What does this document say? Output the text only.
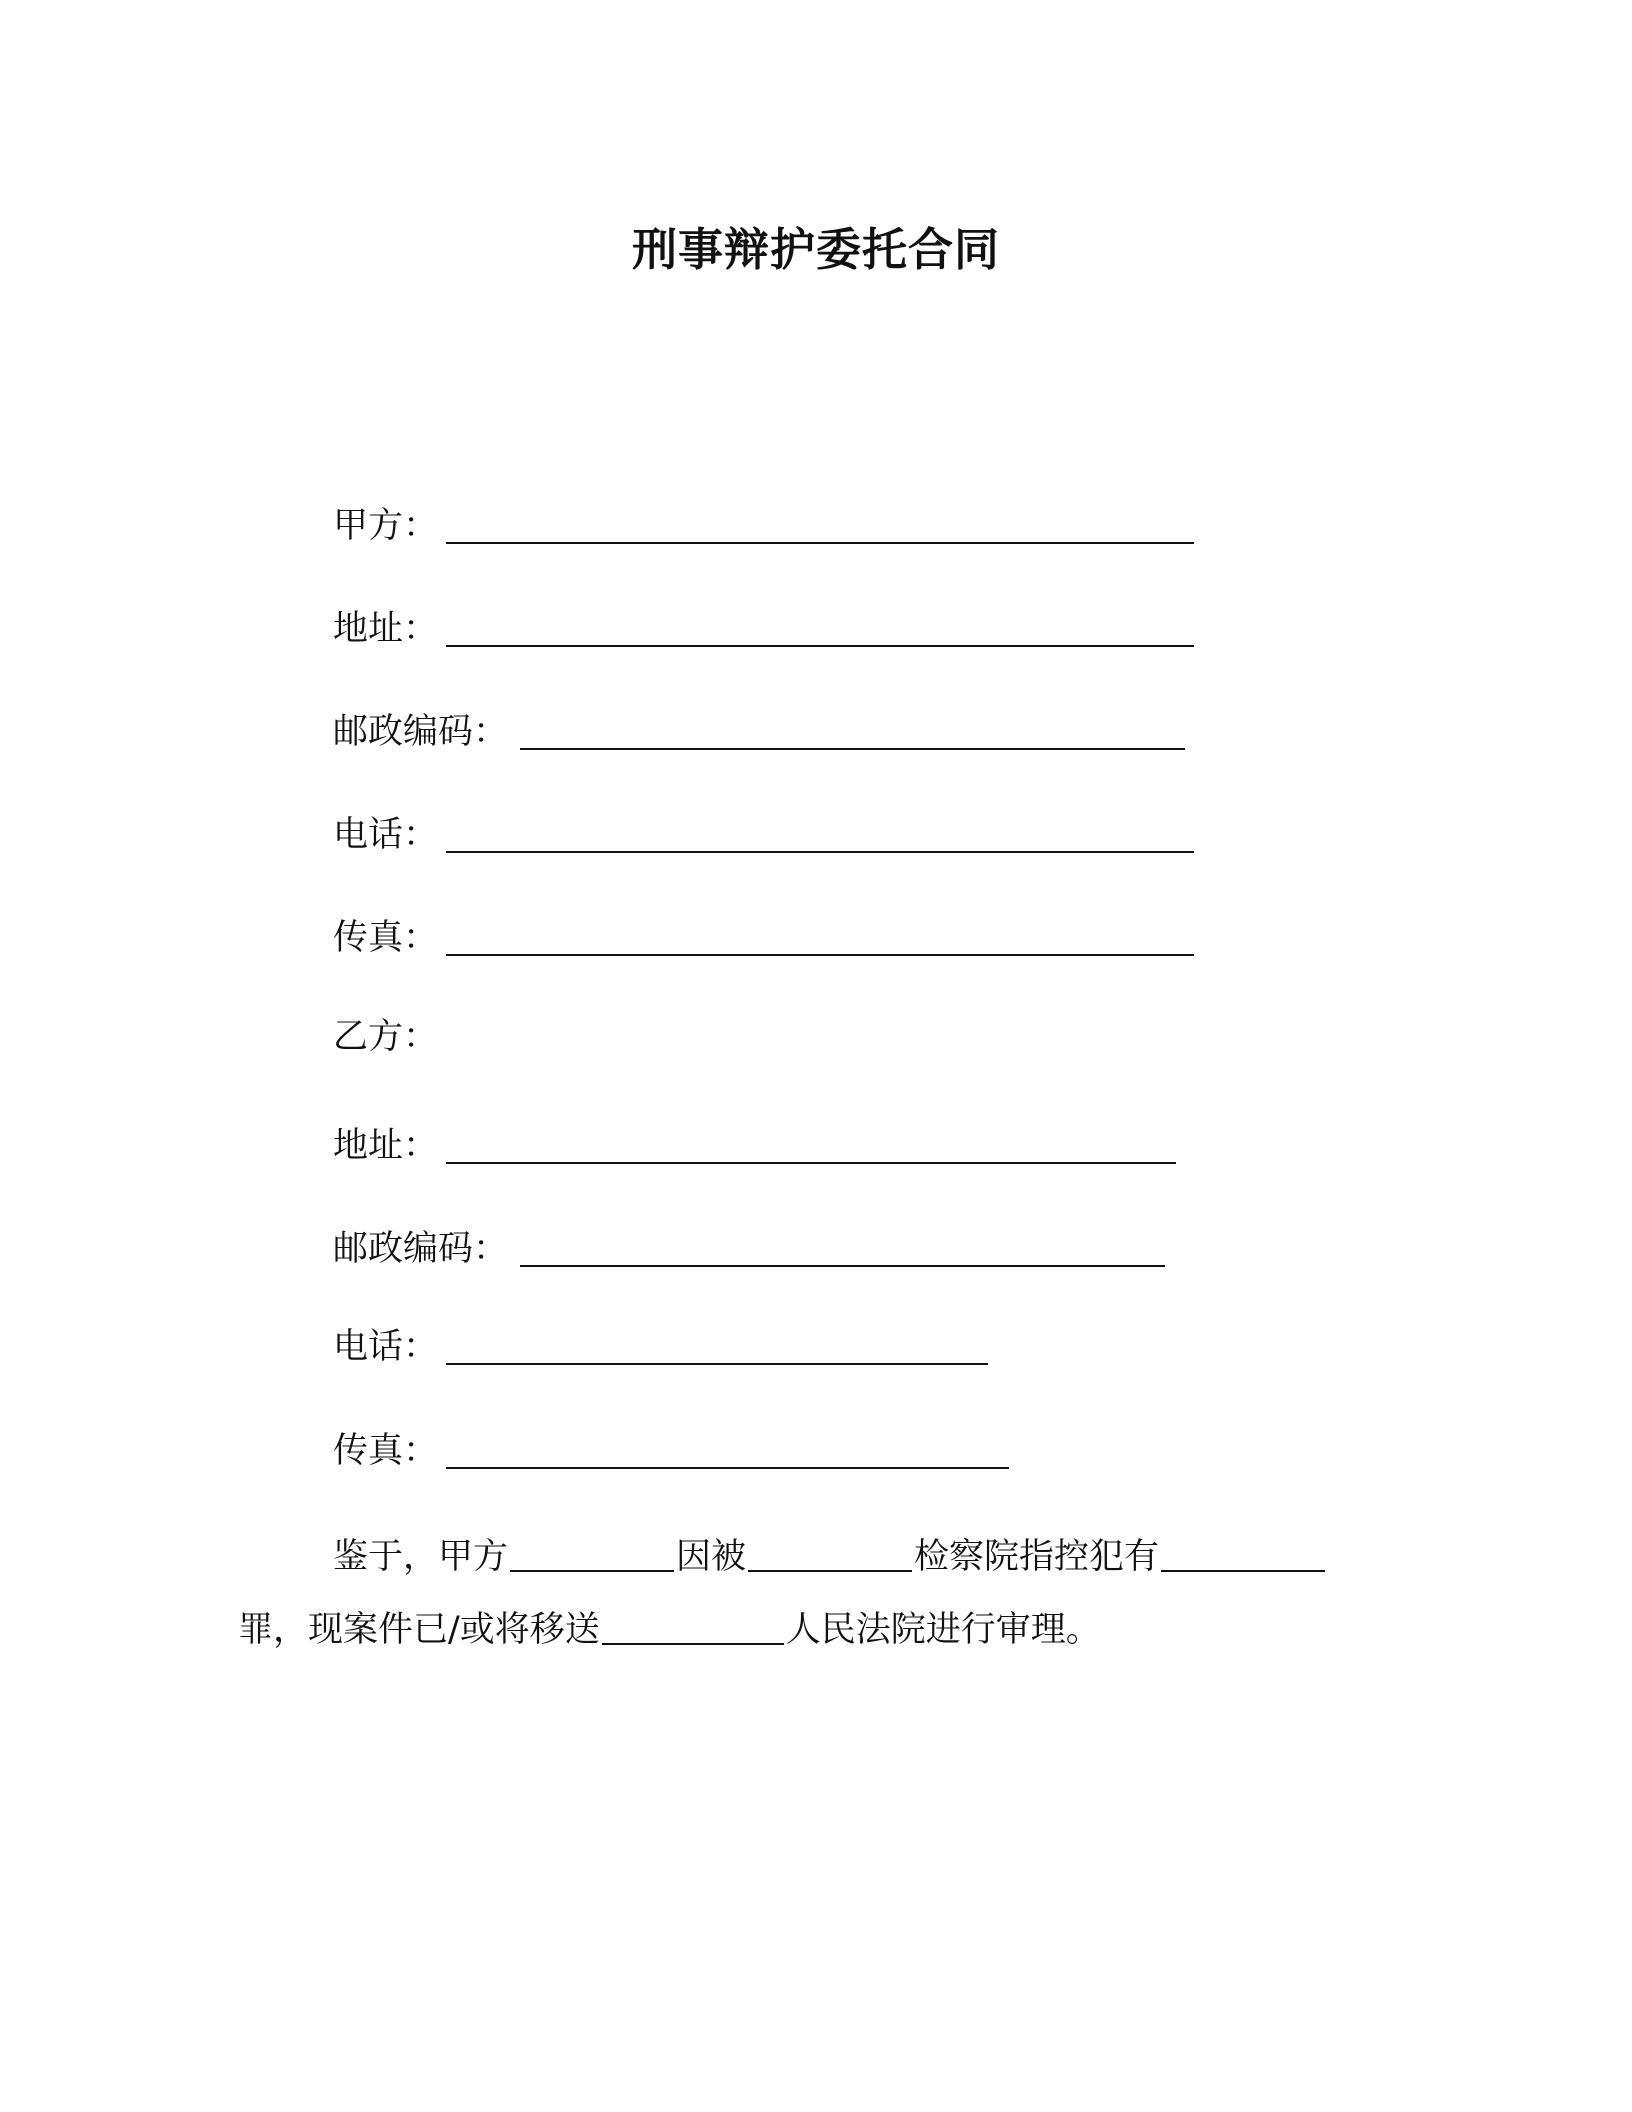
刑事辩护委托合同
甲方：
地址：
邮政编码：
电话：
传真：
乙方：
地址：
邮政编码：
电话：
传真：
鉴于，甲方	因被	检察院指控犯有
罪，现案件已/或将移送	人民法院进行审理。
